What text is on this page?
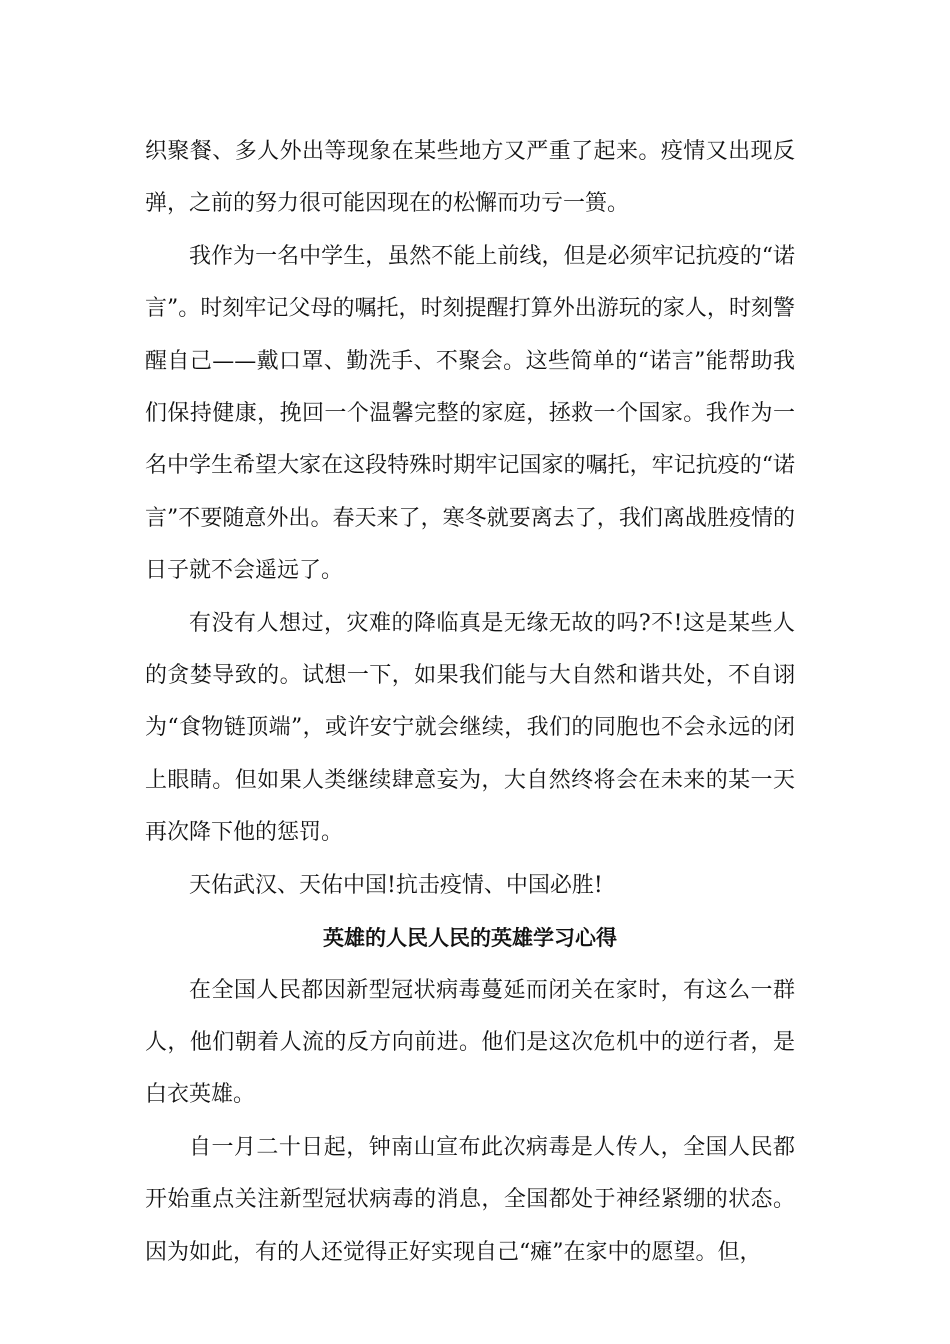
织聚餐、多人外出等现象在某些地方又严重了起来。疫情又出现反弹，之前的努力很可能因现在的松懈而功亏一篑。

我作为一名中学生，虽然不能上前线，但是必须牢记抗疫的“诺言”。时刻牢记父母的嘱托，时刻提醒打算外出游玩的家人，时刻警醒自己——戴口罩、勤洗手、不聚会。这些简单的“诺言”能帮助我们保持健康，挽回一个温馨完整的家庭，拯救一个国家。我作为一名中学生希望大家在这段特殊时期牢记国家的嘱托，牢记抗疫的“诺言”不要随意外出。春天来了，寒冬就要离去了，我们离战胜疫情的日子就不会遥远了。

有没有人想过，灾难的降临真是无缘无故的吗?不!这是某些人的贪婪导致的。试想一下，如果我们能与大自然和谐共处，不自诩为“食物链顶端”，或许安宁就会继续，我们的同胞也不会永远的闭上眼睛。但如果人类继续肆意妄为，大自然终将会在未来的某一天再次降下他的惩罚。

天佑武汉、天佑中国!抗击疫情、中国必胜!

英雄的人民人民的英雄学习心得

在全国人民都因新型冠状病毒蔓延而闭关在家时，有这么一群人，他们朝着人流的反方向前进。他们是这次危机中的逆行者，是白衣英雄。

自一月二十日起，钟南山宣布此次病毒是人传人，全国人民都开始重点关注新型冠状病毒的消息，全国都处于神经紧绷的状态。因为如此，有的人还觉得正好实现自己“瘫”在家中的愿望。但，
